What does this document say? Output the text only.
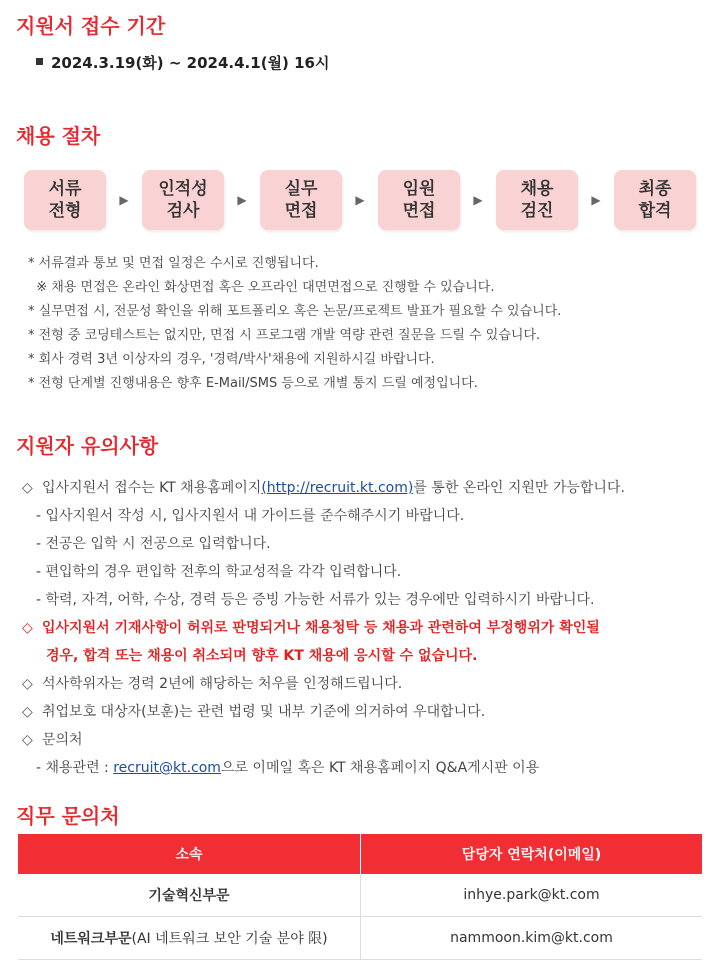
지원서 접수 기간
2024.3.19(화) ~ 2024.4.1(월) 16시
채용 절차
서류
전형
▶
인적성
검사
▶
실무
면접
▶
임원
면접
▶
채용
검진
▶
최종
합격
* 서류결과 통보 및 면접 일정은 수시로 진행됩니다.
※ 채용 면접은 온라인 화상면접 혹은 오프라인 대면면접으로 진행할 수 있습니다.
* 실무면접 시, 전문성 확인을 위해 포트폴리오 혹은 논문/프로젝트 발표가 필요할 수 있습니다.
* 전형 중 코딩테스트는 없지만, 면접 시 프로그램 개발 역량 관련 질문을 드릴 수 있습니다.
* 회사 경력 3년 이상자의 경우, '경력/박사'채용에 지원하시길 바랍니다.
* 전형 단계별 진행내용은 향후 E-Mail/SMS 등으로 개별 통지 드릴 예정입니다.
지원자 유의사항
◇ 입사지원서 접수는 KT 채용홈페이지(http://recruit.kt.com)를 통한 온라인 지원만 가능합니다.
- 입사지원서 작성 시, 입사지원서 내 가이드를 준수해주시기 바랍니다.
- 전공은 입학 시 전공으로 입력합니다.
- 편입학의 경우 편입학 전후의 학교성적을 각각 입력합니다.
- 학력, 자격, 어학, 수상, 경력 등은 증빙 가능한 서류가 있는 경우에만 입력하시기 바랍니다.
◇ 입사지원서 기재사항이 허위로 판명되거나 채용청탁 등 채용과 관련하여 부정행위가 확인될
경우, 합격 또는 채용이 취소되며 향후 KT 채용에 응시할 수 없습니다.
◇ 석사학위자는 경력 2년에 해당하는 처우를 인정해드립니다.
◇ 취업보호 대상자(보훈)는 관련 법령 및 내부 기준에 의거하여 우대합니다.
◇ 문의처
- 채용관련 : recruit@kt.com으로 이메일 혹은 KT 채용홈페이지 Q&A게시판 이용
직무 문의처
소속	담당자 연락처(이메일)
기술혁신부문	inhye.park@kt.com
네트워크부문(AI 네트워크 보안 기술 분야 限)	nammoon.kim@kt.com
